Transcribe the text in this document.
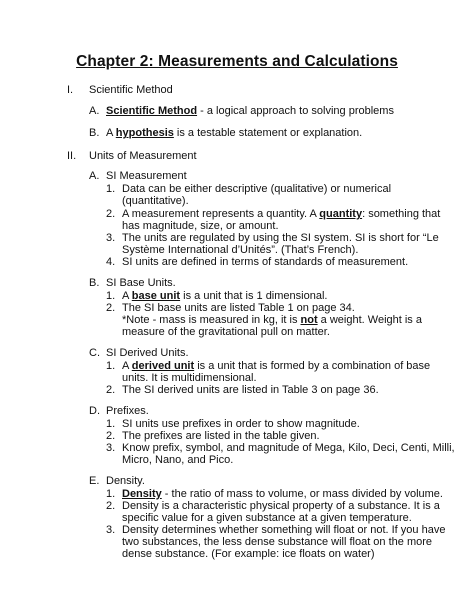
Chapter 2: Measurements and Calculations
I. Scientific Method
A. Scientific Method - a logical approach to solving problems
B. A hypothesis is a testable statement or explanation.
II. Units of Measurement
A. SI Measurement
1. Data can be either descriptive (qualitative) or numerical
(quantitative).
2. A measurement represents a quantity. A quantity: something that
has magnitude, size, or amount.
3. The units are regulated by using the SI system. SI is short for “Le
Système International d’Unités”. (That’s French).
4. SI units are defined in terms of standards of measurement.
B. SI Base Units.
1. A base unit is a unit that is 1 dimensional.
2. The SI base units are listed Table 1 on page 34.
*Note - mass is measured in kg, it is not a weight. Weight is a
measure of the gravitational pull on matter.
C. SI Derived Units.
1. A derived unit is a unit that is formed by a combination of base
units. It is multidimensional.
2. The SI derived units are listed in Table 3 on page 36.
D. Prefixes.
1. SI units use prefixes in order to show magnitude.
2. The prefixes are listed in the table given.
3. Know prefix, symbol, and magnitude of Mega, Kilo, Deci, Centi, Milli,
Micro, Nano, and Pico.
E. Density.
1. Density - the ratio of mass to volume, or mass divided by volume.
2. Density is a characteristic physical property of a substance. It is a
specific value for a given substance at a given temperature.
3. Density determines whether something will float or not. If you have
two substances, the less dense substance will float on the more
dense substance. (For example: ice floats on water)
